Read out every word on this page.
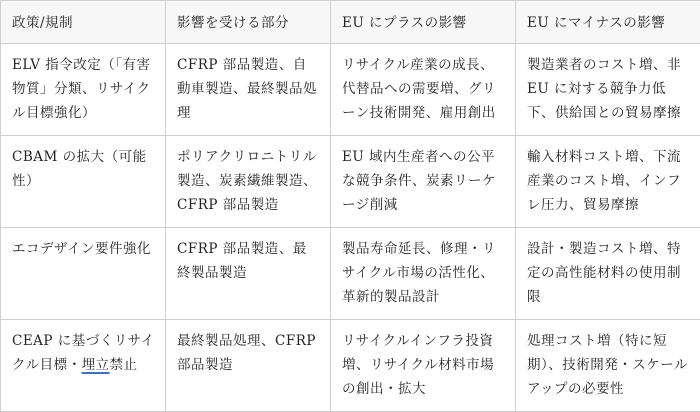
政策/規制	影響を受ける部分	EU にプラスの影響	EU にマイナスの影響
ELV 指令改定（「有害物質」分類、リサイクル目標強化）	CFRP 部品製造、自動車製造、最終製品処理	リサイクル産業の成長、代替品への需要増、グリーン技術開発、雇用創出	製造業者のコスト増、非 EU に対する競争力低下、供給国との貿易摩擦
CBAM の拡大（可能性）	ポリアクリロニトリル製造、炭素繊維製造、CFRP 部品製造	EU 域内生産者への公平な競争条件、炭素リーケージ削減	輸入材料コスト増、下流産業のコスト増、インフレ圧力、貿易摩擦
エコデザイン要件強化	CFRP 部品製造、最終製品製造	製品寿命延長、修理・リサイクル市場の活性化、革新的製品設計	設計・製造コスト増、特定の高性能材料の使用制限
CEAP に基づくリサイクル目標・埋立禁止	最終製品処理、CFRP 部品製造	リサイクルインフラ投資増、リサイクル材料市場の創出・拡大	処理コスト増（特に短期）、技術開発・スケールアップの必要性
